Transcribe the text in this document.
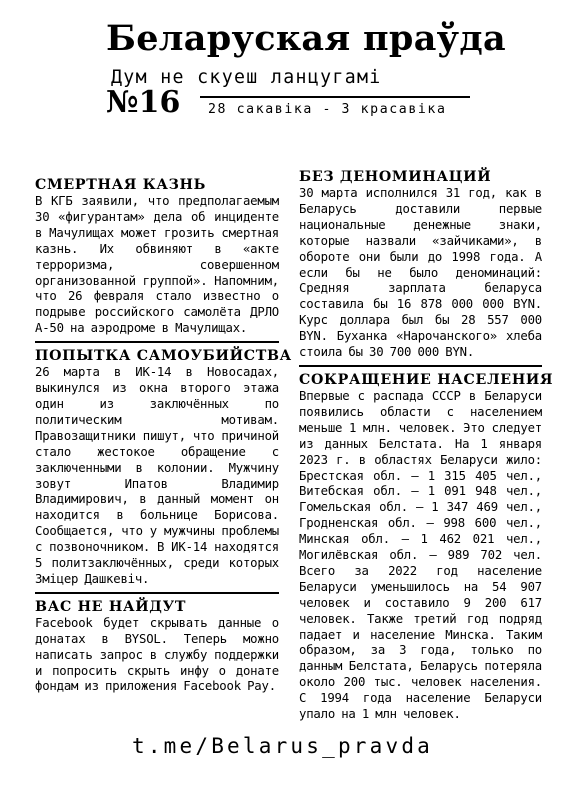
Беларуская праўда
Дум не скуеш ланцугамі
№16 28 сакавіка - 3 красавіка
СМЕРТНАЯ КАЗНЬ

В КГБ заявили, что предполагаемым 30 «фигурантам» дела об инциденте в Мачулищах может грозить смертная казнь. Их обвиняют в «акте терроризма, совершенном организованной группой». Напомним, что 26 февраля стало известно о подрыве российского самолёта ДРЛО А-50 на аэродроме в Мачулищах.

ПОПЫТКА САМОУБИЙСТВА

26 марта в ИК-14 в Новосадах, выкинулся из окна второго этажа один из заключённых по политическим мотивам. Правозащитники пишут, что причиной стало жестокое обращение с заключенными в колонии. Мужчину зовут Ипатов Владимир Владимирович, в данный момент он находится в больнице Борисова. Сообщается, что у мужчины проблемы с позвоночником. В ИК-14 находятся 5 политзаключённых, среди которых Зміцер Дашкевіч.

ВАС НЕ НАЙДУТ

Facebook будет скрывать данные о донатах в BYSOL. Теперь можно написать запрос в службу поддержки и попросить скрыть инфу о донате фондам из приложения Facebook Pay.

БЕЗ ДЕНОМИНАЦИЙ

30 марта исполнился 31 год, как в Беларусь доставили первые национальные денежные знаки, которые назвали «зайчиками», в обороте они были до 1998 года. А если бы не было деноминаций: Средняя зарплата беларуса составила бы 16 878 000 000 BYN. Курс доллара был бы 28 557 000 BYN. Буханка «Нарочанского» хлеба стоила бы 30 700 000 BYN.

СОКРАЩЕНИЕ НАСЕЛЕНИЯ

Впервые с распада СССР в Беларуси появились области с населением меньше 1 млн. человек. Это следует из данных Белстата. На 1 января 2023 г. в областях Беларуси жило: Брестская обл. — 1 315 405 чел., Витебская обл. — 1 091 948 чел., Гомельская обл. — 1 347 469 чел., Гродненская обл. — 998 600 чел., Минская обл. — 1 462 021 чел., Могилёвская обл. — 989 702 чел. Всего за 2022 год население Беларуси уменьшилось на 54 907 человек и составило 9 200 617 человек. Также третий год подряд падает и население Минска. Таким образом, за 3 года, только по данным Белстата, Беларусь потеряла около 200 тыс. человек населения. С 1994 года население Беларуси упало на 1 млн человек.

t.me/Belarus_pravda
